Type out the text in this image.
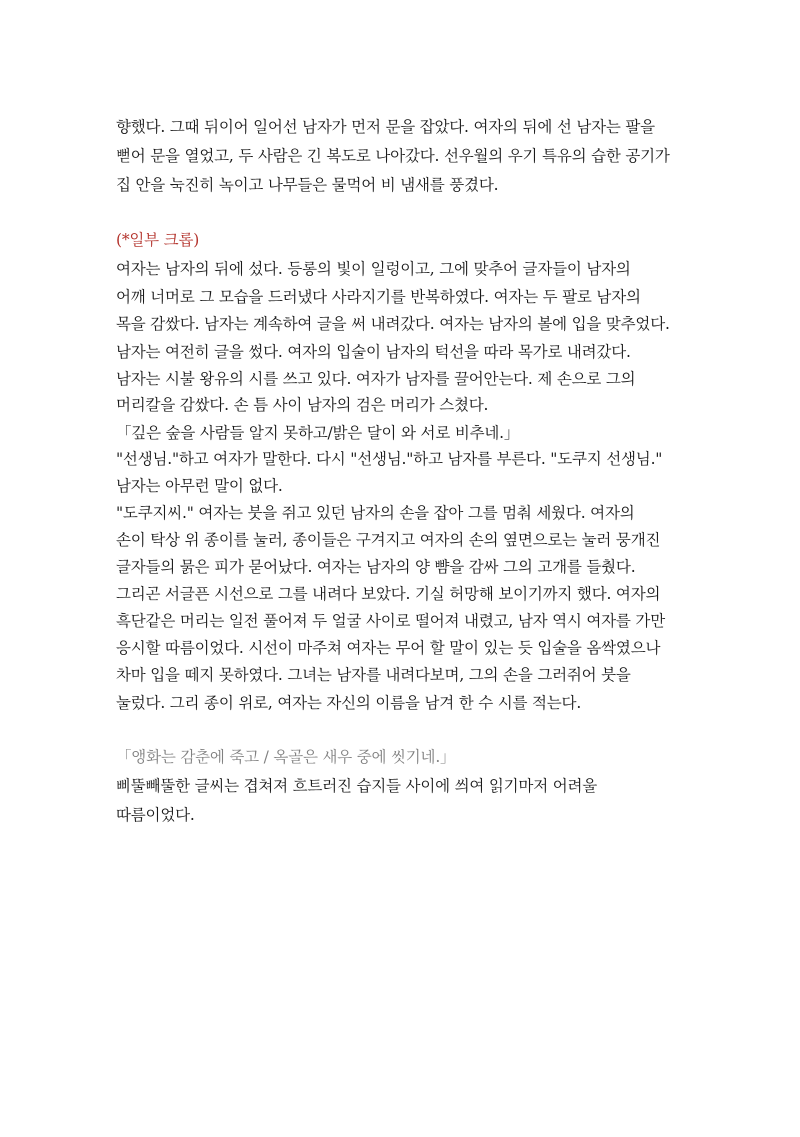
향했다. 그때 뒤이어 일어선 남자가 먼저 문을 잡았다. 여자의 뒤에 선 남자는 팔을
뻗어 문을 열었고, 두 사람은 긴 복도로 나아갔다. 선우월의 우기 특유의 습한 공기가
집 안을 눅진히 녹이고 나무들은 물먹어 비 냄새를 풍겼다.
(*일부 크롭)
여자는 남자의 뒤에 섰다. 등롱의 빛이 일렁이고, 그에 맞추어 글자들이 남자의
어깨 너머로 그 모습을 드러냈다 사라지기를 반복하였다. 여자는 두 팔로 남자의
목을 감쌌다. 남자는 계속하여 글을 써 내려갔다. 여자는 남자의 볼에 입을 맞추었다.
남자는 여전히 글을 썼다. 여자의 입술이 남자의 턱선을 따라 목가로 내려갔다.
남자는 시불 왕유의 시를 쓰고 있다. 여자가 남자를 끌어안는다. 제 손으로 그의
머리칼을 감쌌다. 손 틈 사이 남자의 검은 머리가 스쳤다.
「깊은 숲을 사람들 알지 못하고/밝은 달이 와 서로 비추네.」
"선생님."하고 여자가 말한다. 다시 "선생님."하고 남자를 부른다. "도쿠지 선생님."
남자는 아무런 말이 없다.
"도쿠지씨." 여자는 붓을 쥐고 있던 남자의 손을 잡아 그를 멈춰 세웠다. 여자의
손이 탁상 위 종이를 눌러, 종이들은 구겨지고 여자의 손의 옆면으로는 눌러 뭉개진
글자들의 묽은 피가 묻어났다. 여자는 남자의 양 뺨을 감싸 그의 고개를 들췄다.
그리곤 서글픈 시선으로 그를 내려다 보았다. 기실 허망해 보이기까지 했다. 여자의
흑단같은 머리는 일전 풀어져 두 얼굴 사이로 떨어져 내렸고, 남자 역시 여자를 가만
응시할 따름이었다. 시선이 마주쳐 여자는 무어 할 말이 있는 듯 입술을 옴싹였으나
차마 입을 떼지 못하였다. 그녀는 남자를 내려다보며, 그의 손을 그러쥐어 붓을
눌렀다. 그리 종이 위로, 여자는 자신의 이름을 남겨 한 수 시를 적는다.
「앵화는 감춘에 죽고 / 옥골은 새우 중에 씻기네.」
삐뚤빼뚤한 글씨는 겹쳐져 흐트러진 습지들 사이에 씌여 읽기마저 어려울
따름이었다.
